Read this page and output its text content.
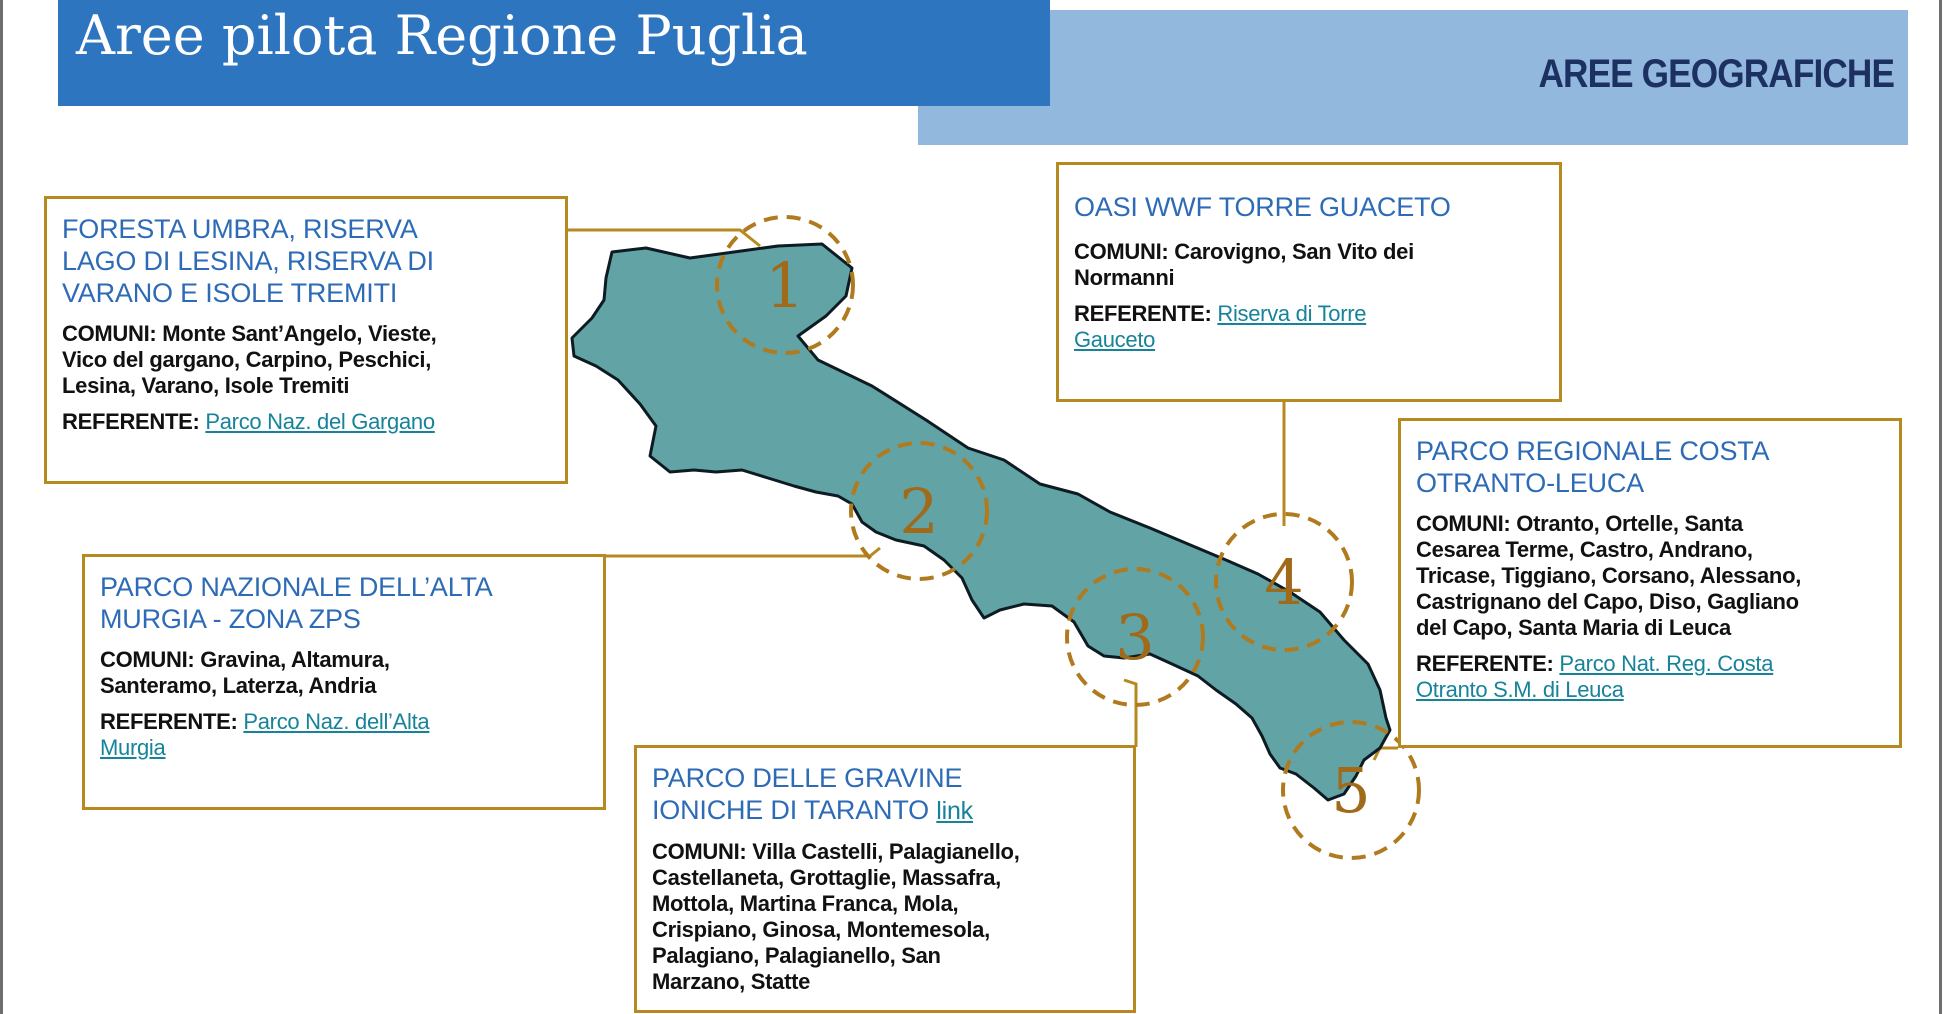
Aree pilota Regione Puglia
AREE GEOGRAFICHE
1
2
3
4
5
FORESTA UMBRA, RISERVA
LAGO DI LESINA, RISERVA DI
VARANO E ISOLE TREMITI
COMUNI: Monte Sant’Angelo, Vieste,
Vico del gargano, Carpino, Peschici,
Lesina, Varano, Isole Tremiti
REFERENTE: Parco Naz. del Gargano
PARCO NAZIONALE DELL’ALTA
MURGIA - ZONA ZPS
COMUNI: Gravina, Altamura,
Santeramo, Laterza, Andria
REFERENTE: Parco Naz. dell’Alta
Murgia
PARCO DELLE GRAVINE
IONICHE DI TARANTO link
COMUNI: Villa Castelli, Palagianello,
Castellaneta, Grottaglie, Massafra,
Mottola, Martina Franca, Mola,
Crispiano, Ginosa, Montemesola,
Palagiano, Palagianello, San
Marzano, Statte
OASI WWF TORRE GUACETO
COMUNI: Carovigno, San Vito dei
Normanni
REFERENTE: Riserva di Torre
Gauceto
PARCO REGIONALE COSTA
OTRANTO-LEUCA
COMUNI: Otranto, Ortelle, Santa
Cesarea Terme, Castro, Andrano,
Tricase, Tiggiano, Corsano, Alessano,
Castrignano del Capo, Diso, Gagliano
del Capo, Santa Maria di Leuca
REFERENTE: Parco Nat. Reg. Costa
Otranto S.M. di Leuca
